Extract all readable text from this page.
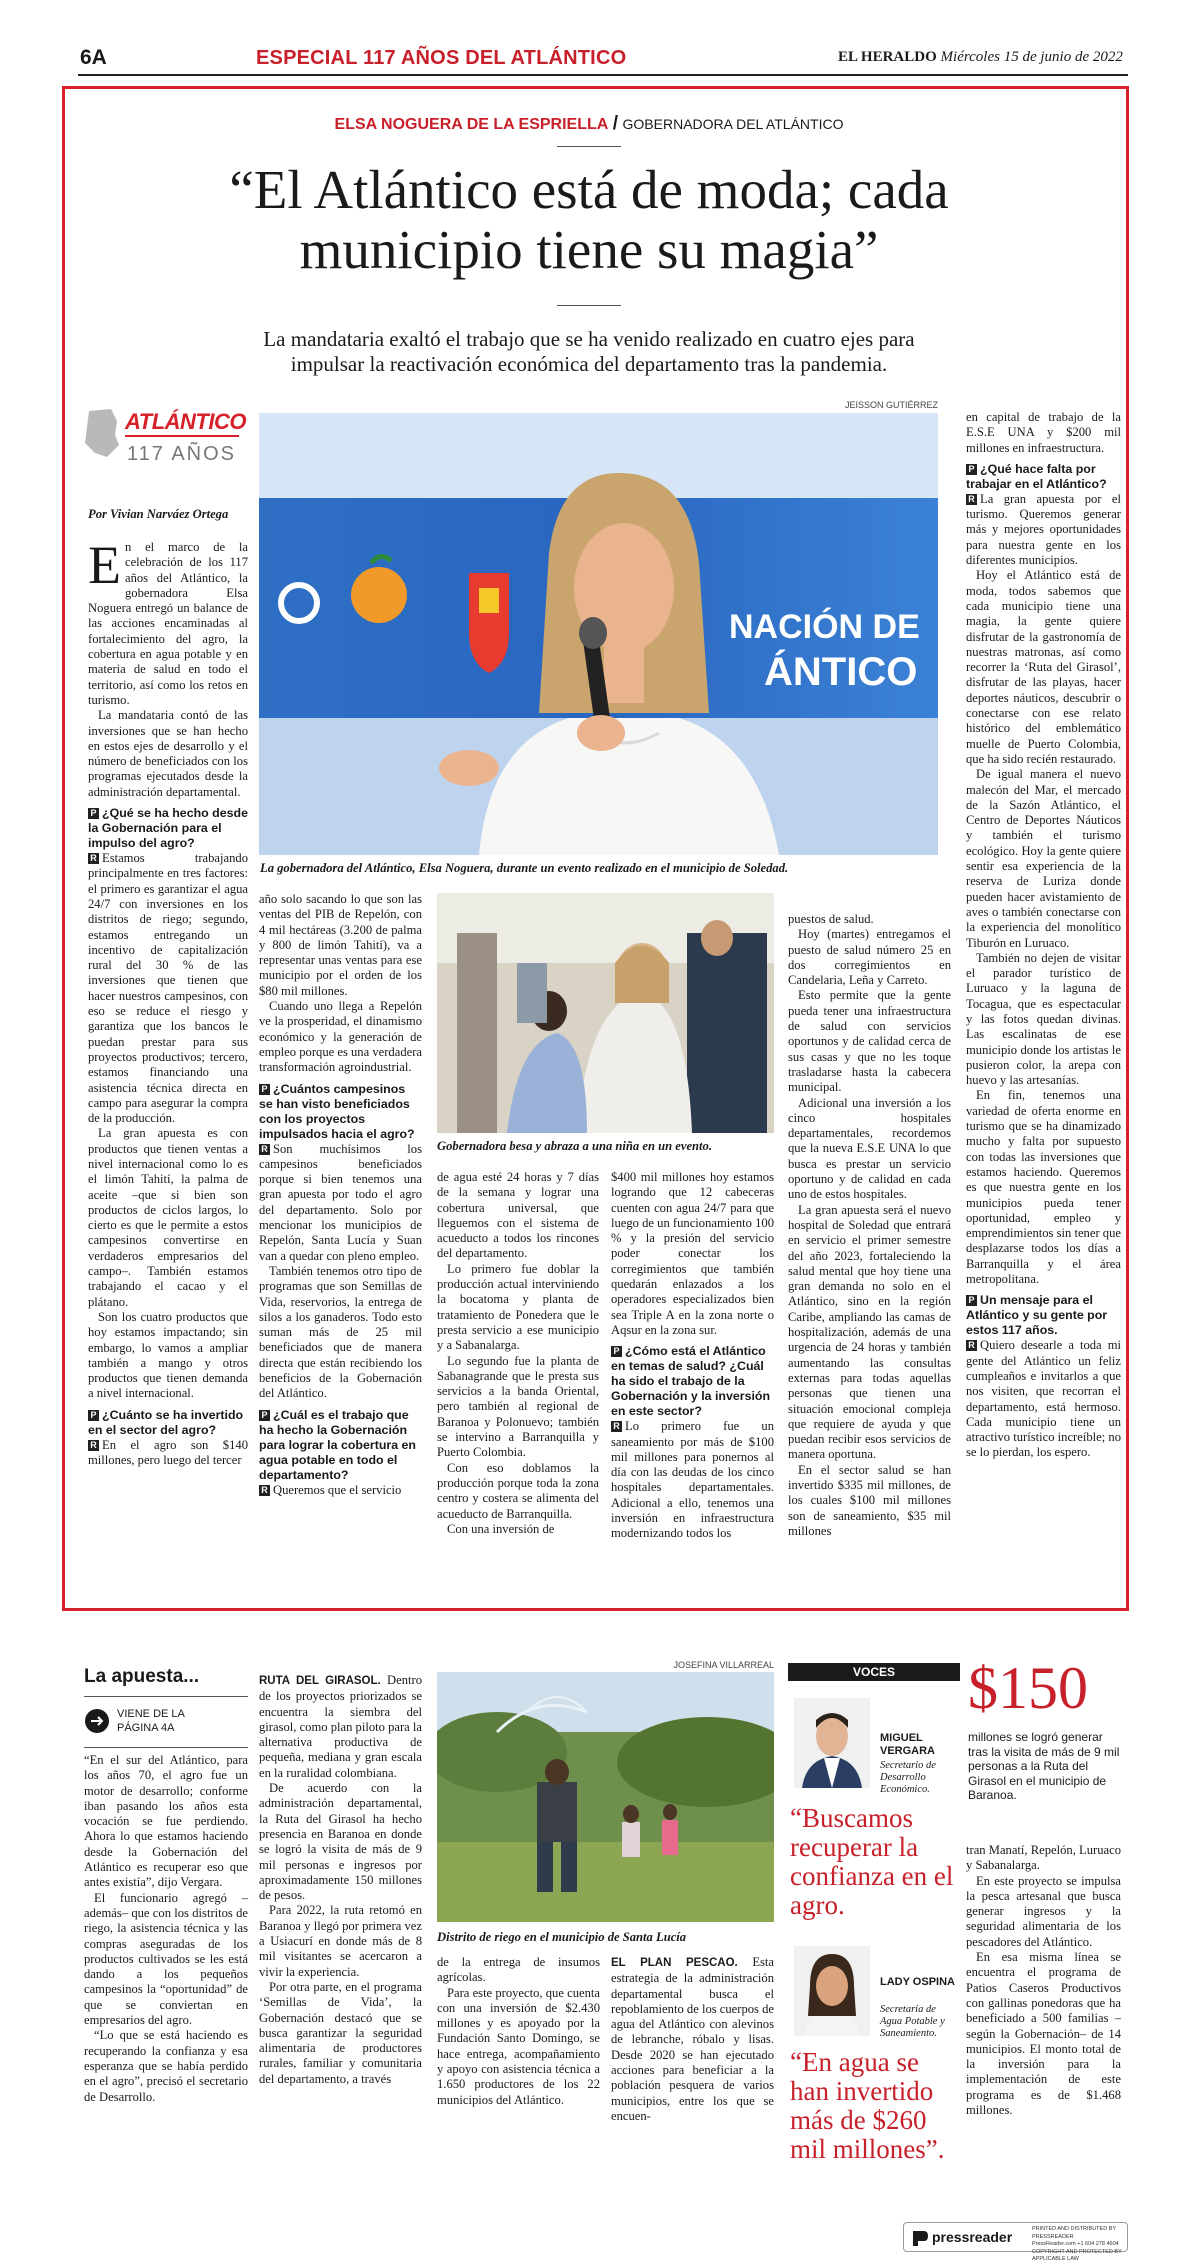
6A	ESPECIAL 117 AÑOS DEL ATLÁNTICO	EL HERALDO Miércoles 15 de junio de 2022
ELSA NOGUERA DE LA ESPRIELLA / GOBERNADORA DEL ATLÁNTICO
“El Atlántico está de moda; cada
municipio tiene su magia”
La mandataria exaltó el trabajo que se ha venido realizado en cuatro ejes para
impulsar la reactivación económica del departamento tras la pandemia.
ATLÁNTICO
117 AÑOS
Por Vivian Narváez Ortega
JEISSON GUTIÉRREZ
NACIÓN DE
ÁNTICO
La gobernadora del Atlántico, Elsa Noguera, durante un evento realizado en el municipio de Soledad.

En el marco de la celebración de los 117 años del Atlántico, la gobernadora Elsa Noguera entregó un balance de las acciones encaminadas al fortalecimiento del agro, la cobertura en agua potable y en materia de salud en todo el territorio, así como los retos en turismo.

La mandataria contó de las inversiones que se han hecho en estos ejes de desarrollo y el número de beneficiados con los programas ejecutados desde la administración departamental.

P ¿Qué se ha hecho desde la Gobernación para el impulso del agro?

R Estamos trabajando principalmente en tres factores: el primero es garantizar el agua 24/7 con inversiones en los distritos de riego; segundo, estamos entregando un incentivo de capitalización rural del 30 % de las inversiones que tienen que hacer nuestros campesinos, con eso se reduce el riesgo y garantiza que los bancos le puedan prestar para sus proyectos productivos; tercero, estamos financiando una asistencia técnica directa en campo para asegurar la compra de la producción.

La gran apuesta es con productos que tienen ventas a nivel internacional como lo es el limón Tahití, la palma de aceite –que si bien son productos de ciclos largos, lo cierto es que le permite a estos campesinos convertirse en verdaderos empresarios del campo–. También estamos trabajando el cacao y el plátano.

Son los cuatro productos que hoy estamos impactando; sin embargo, lo vamos a ampliar también a mango y otros productos que tienen demanda a nivel internacional.

P ¿Cuánto se ha invertido en el sector del agro?

R En el agro son $140 millones, pero luego del tercer

año solo sacando lo que son las ventas del PIB de Repelón, con 4 mil hectáreas (3.200 de palma y 800 de limón Tahití), va a representar unas ventas para ese municipio por el orden de los $80 mil millones.

Cuando uno llega a Repelón ve la prosperidad, el dinamismo económico y la generación de empleo porque es una verdadera transformación agroindustrial.

P ¿Cuántos campesinos se han visto beneficiados con los proyectos impulsados hacia el agro?

R Son muchísimos los campesinos beneficiados porque si bien tenemos una gran apuesta por todo el agro del departamento. Solo por mencionar los municipios de Repelón, Santa Lucía y Suan van a quedar con pleno empleo.

También tenemos otro tipo de programas que son Semillas de Vida, reservorios, la entrega de silos a los ganaderos. Todo esto suman más de 25 mil beneficiados que de manera directa que están recibiendo los beneficios de la Gobernación del Atlántico.

P ¿Cuál es el trabajo que ha hecho la Gobernación para lograr la cobertura en agua potable en todo el departamento?

R Queremos que el servicio

Gobernadora besa y abraza a una niña en un evento.

de agua esté 24 horas y 7 días de la semana y lograr una cobertura universal, que lleguemos con el sistema de acueducto a todos los rincones del departamento.

Lo primero fue doblar la producción actual interviniendo la bocatoma y planta de tratamiento de Ponedera que le presta servicio a ese municipio y a Sabanalarga.

Lo segundo fue la planta de Sabanagrande que le presta sus servicios a la banda Oriental, pero también al regional de Baranoa y Polonuevo; también se intervino a Barranquilla y Puerto Colombia.

Con eso doblamos la producción porque toda la zona centro y costera se alimenta del acueducto de Barranquilla.

Con una inversión de

$400 mil millones hoy estamos logrando que 12 cabeceras cuenten con agua 24/7 para que luego de un funcionamiento 100 % y la presión del servicio poder conectar los corregimientos que también quedarán enlazados a los operadores especializados bien sea Triple A en la zona norte o Aqsur en la zona sur.

P ¿Cómo está el Atlántico en temas de salud? ¿Cuál ha sido el trabajo de la Gobernación y la inversión en este sector?

R Lo primero fue un saneamiento por más de $100 mil millones para ponernos al día con las deudas de los cinco hospitales departamentales. Adicional a ello, tenemos una inversión en infraestructura modernizando todos los

puestos de salud.

Hoy (martes) entregamos el puesto de salud número 25 en dos corregimientos en Candelaria, Leña y Carreto.

Esto permite que la gente pueda tener una infraestructura de salud con servicios oportunos y de calidad cerca de sus casas y que no les toque trasladarse hasta la cabecera municipal.

Adicional una inversión a los cinco hospitales departamentales, recordemos que la nueva E.S.E UNA lo que busca es prestar un servicio oportuno y de calidad en cada uno de estos hospitales.

La gran apuesta será el nuevo hospital de Soledad que entrará en servicio el primer semestre del año 2023, fortaleciendo la salud mental que hoy tiene una gran demanda no solo en el Atlántico, sino en la región Caribe, ampliando las camas de hospitalización, además de una urgencia de 24 horas y también aumentando las consultas externas para todas aquellas personas que tienen una situación emocional compleja que requiere de ayuda y que puedan recibir esos servicios de manera oportuna.

En el sector salud se han invertido $335 mil millones, de los cuales $100 mil millones son de saneamiento, $35 mil millones

en capital de trabajo de la E.S.E UNA y $200 mil millones en infraestructura.

P ¿Qué hace falta por trabajar en el Atlántico?

R La gran apuesta por el turismo. Queremos generar más y mejores oportunidades para nuestra gente en los diferentes municipios.

Hoy el Atlántico está de moda, todos sabemos que cada municipio tiene una magia, la gente quiere disfrutar de la gastronomía de nuestras matronas, así como recorrer la ‘Ruta del Girasol’, disfrutar de las playas, hacer deportes náuticos, descubrir o conectarse con ese relato histórico del emblemático muelle de Puerto Colombia, que ha sido recién restaurado.

De igual manera el nuevo malecón del Mar, el mercado de la Sazón Atlántico, el Centro de Deportes Náuticos y también el turismo ecológico. Hoy la gente quiere sentir esa experiencia de la reserva de Luriza donde pueden hacer avistamiento de aves o también conectarse con la experiencia del monolítico Tiburón en Luruaco.

También no dejen de visitar el parador turístico de Luruaco y la laguna de Tocagua, que es espectacular y las fotos quedan divinas. Las escalinatas de ese municipio donde los artistas le pusieron color, la arepa con huevo y las artesanías.

En fin, tenemos una variedad de oferta enorme en turismo que se ha dinamizado mucho y falta por supuesto con todas las inversiones que estamos haciendo. Queremos es que nuestra gente en los municipios pueda tener oportunidad, empleo y emprendimientos sin tener que desplazarse todos los días a Barranquilla y el área metropolitana.

P Un mensaje para el Atlántico y su gente por estos 117 años.

R Quiero desearle a toda mi gente del Atlántico un feliz cumpleaños e invitarlos a que nos visiten, que recorran el departamento, está hermoso. Cada municipio tiene un atractivo turístico increíble; no se lo pierdan, los espero.

La apuesta...
VIENE DE LA PÁGINA 4A

“En el sur del Atlántico, para los años 70, el agro fue un motor de desarrollo; conforme iban pasando los años esta vocación se fue perdiendo. Ahora lo que estamos haciendo desde la Gobernación del Atlántico es recuperar eso que antes existía”, dijo Vergara.

El funcionario agregó –además– que con los distritos de riego, la asistencia técnica y las compras aseguradas de los productos cultivados se les está dando a los pequeños campesinos la “oportunidad” de que se conviertan en empresarios del agro.

“Lo que se está haciendo es recuperando la confianza y esa esperanza que se había perdido en el agro”, precisó el secretario de Desarrollo.

RUTA DEL GIRASOL. Dentro de los proyectos priorizados se encuentra la siembra del girasol, como plan piloto para la alternativa productiva de pequeña, mediana y gran escala en la ruralidad colombiana.

De acuerdo con la administración departamental, la Ruta del Girasol ha hecho presencia en Baranoa en donde se logró la visita de más de 9 mil personas e ingresos por aproximadamente 150 millones de pesos.

Para 2022, la ruta retomó en Baranoa y llegó por primera vez a Usiacurí en donde más de 8 mil visitantes se acercaron a vivir la experiencia.

Por otra parte, en el programa ‘Semillas de Vida’, la Gobernación destacó que se busca garantizar la seguridad alimentaria de productores rurales, familiar y comunitaria del departamento, a través

JOSEFINA VILLARREAL
Distrito de riego en el municipio de Santa Lucía

de la entrega de insumos agrícolas.

Para este proyecto, que cuenta con una inversión de $2.430 millones y es apoyado por la Fundación Santo Domingo, se hace entrega, acompañamiento y apoyo con asistencia técnica a 1.650 productores de los 22 municipios del Atlántico.

EL PLAN PESCAO. Esta estrategia de la administración departamental busca el repoblamiento de los cuerpos de agua del Atlántico con alevinos de lebranche, róbalo y lisas. Desde 2020 se han ejecutado acciones para beneficiar a la población pesquera de varios municipios, entre los que se encuen-

VOCES
MIGUEL VERGARA
Secretario de Desarrollo Económico.
“Buscamos recuperar la confianza en el agro.
LADY OSPINA
Secretaria de Agua Potable y Saneamiento.
“En agua se han invertido más de $260 mil millones”.
$150
millones se logró generar tras la visita de más de 9 mil personas a la Ruta del Girasol en el municipio de Baranoa.

tran Manatí, Repelón, Luruaco y Sabanalarga.

En este proyecto se impulsa la pesca artesanal que busca generar ingresos y la seguridad alimentaria de los pescadores del Atlántico.

En esa misma línea se encuentra el programa de Patios Caseros Productivos con gallinas ponedoras que ha beneficiado a 500 familias –según la Gobernación– de 14 municipios. El monto total de la inversión para la implementación de este programa es de $1.468 millones.

pressreader	PRINTED AND DISTRIBUTED BY PRESSREADER
PressReader.com +1 604 278 4604
COPYRIGHT AND PROTECTED BY APPLICABLE LAW
